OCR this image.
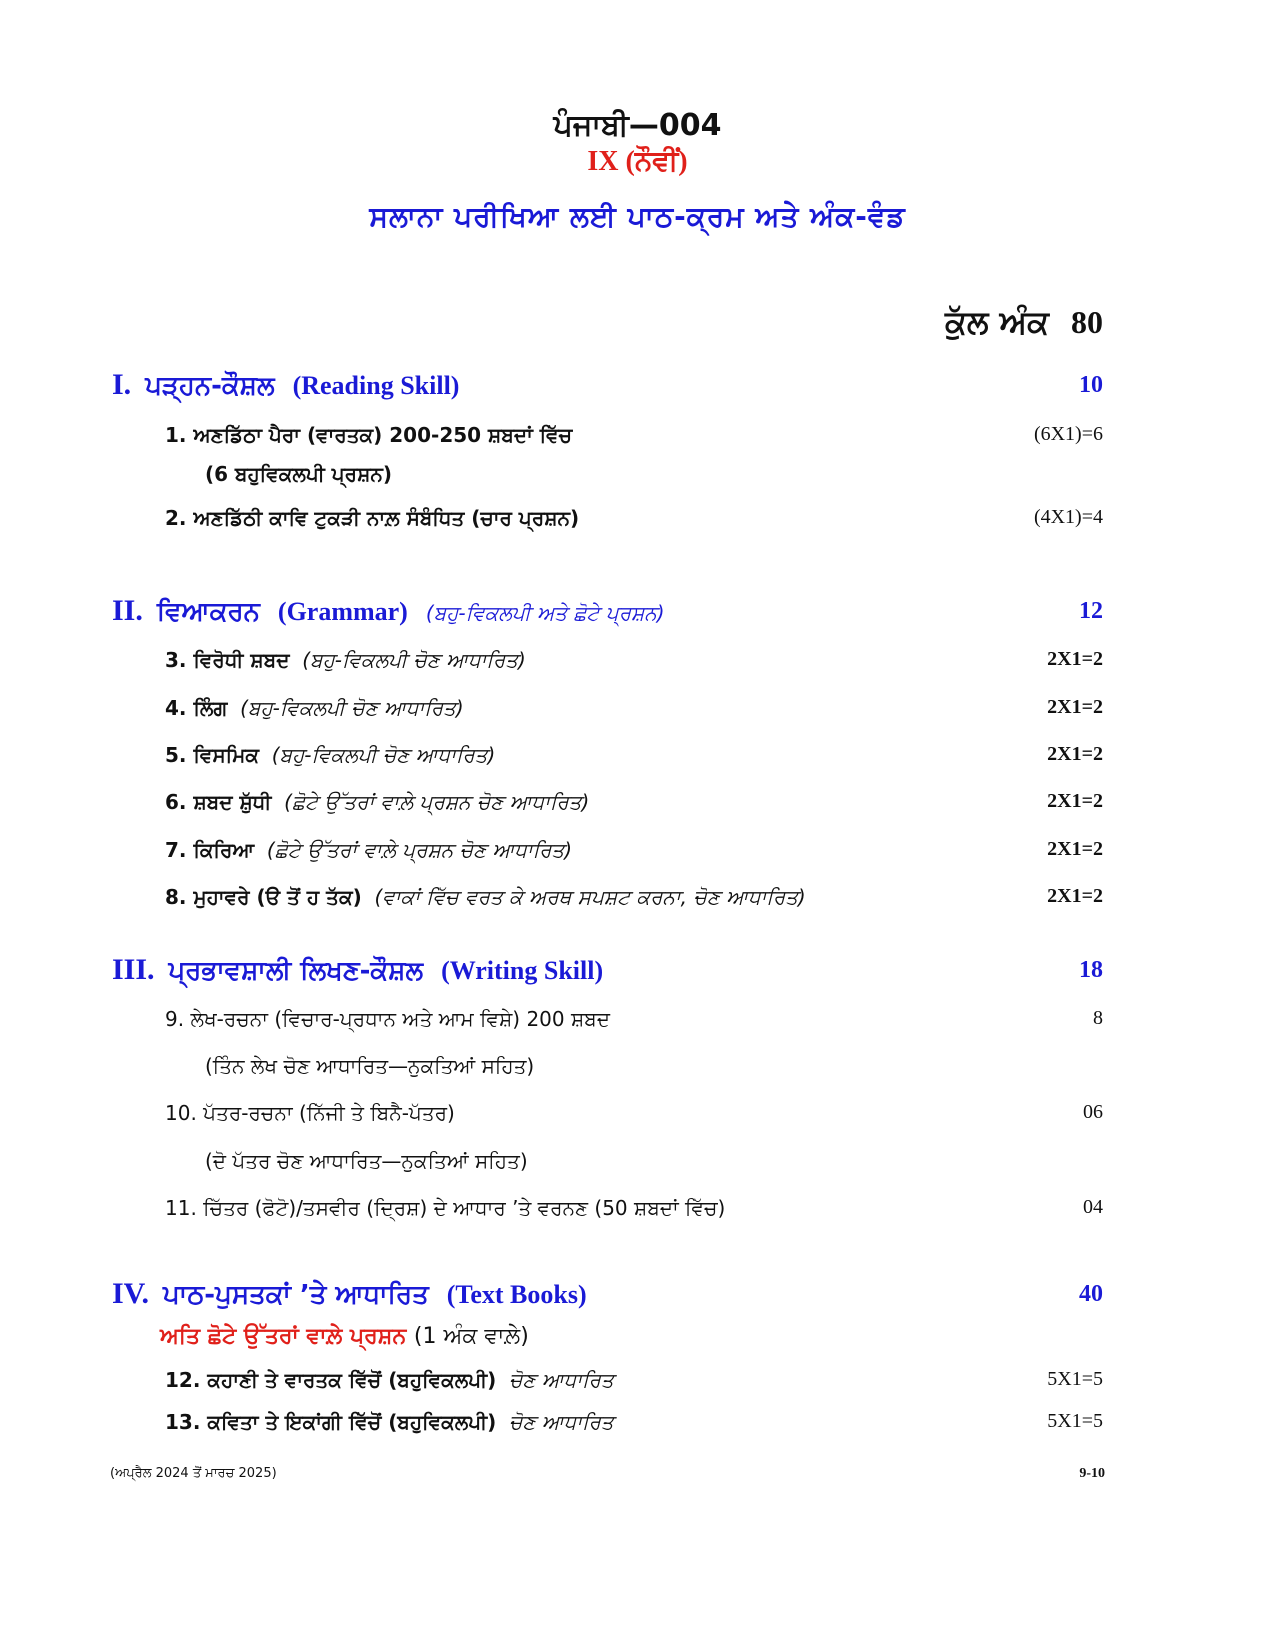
ਪੰਜਾਬੀ—004
IX (ਨੌਵੀਂ)
ਸਲਾਨਾ ਪਰੀਖਿਆ ਲਈ ਪਾਠ-ਕ੍ਰਮ ਅਤੇ ਅੰਕ-ਵੰਡ
ਕੁੱਲ ਅੰਕ 80
I. ਪੜ੍ਹਨ-ਕੌਸ਼ਲ (Reading Skill)	10
1. ਅਣਡਿੱਠਾ ਪੈਰਾ (ਵਾਰਤਕ) 200-250 ਸ਼ਬਦਾਂ ਵਿੱਚ	(6X1)=6
(6 ਬਹੁਵਿਕਲਪੀ ਪ੍ਰਸ਼ਨ)
2. ਅਣਡਿੱਠੀ ਕਾਵਿ ਟੁਕੜੀ ਨਾਲ਼ ਸੰਬੰਧਿਤ (ਚਾਰ ਪ੍ਰਸ਼ਨ)	(4X1)=4
II. ਵਿਆਕਰਨ (Grammar) (ਬਹੁ-ਵਿਕਲਪੀ ਅਤੇ ਛੋਟੇ ਪ੍ਰਸ਼ਨ)	12
3. ਵਿਰੋਧੀ ਸ਼ਬਦ (ਬਹੁ-ਵਿਕਲਪੀ ਚੋਣ ਆਧਾਰਿਤ)	2X1=2
4. ਲਿੰਗ (ਬਹੁ-ਵਿਕਲਪੀ ਚੋਣ ਆਧਾਰਿਤ)	2X1=2
5. ਵਿਸਮਿਕ (ਬਹੁ-ਵਿਕਲਪੀ ਚੋਣ ਆਧਾਰਿਤ)	2X1=2
6. ਸ਼ਬਦ ਸ਼ੁੱਧੀ (ਛੋਟੇ ਉੱਤਰਾਂ ਵਾਲ਼ੇ ਪ੍ਰਸ਼ਨ ਚੋਣ ਆਧਾਰਿਤ)	2X1=2
7. ਕਿਰਿਆ (ਛੋਟੇ ਉੱਤਰਾਂ ਵਾਲ਼ੇ ਪ੍ਰਸ਼ਨ ਚੋਣ ਆਧਾਰਿਤ)	2X1=2
8. ਮੁਹਾਵਰੇ (ੳ ਤੋਂ ਹ ਤੱਕ) (ਵਾਕਾਂ ਵਿੱਚ ਵਰਤ ਕੇ ਅਰਥ ਸਪਸ਼ਟ ਕਰਨਾ, ਚੋਣ ਆਧਾਰਿਤ)	2X1=2
III. ਪ੍ਰਭਾਵਸ਼ਾਲੀ ਲਿਖਣ-ਕੌਸ਼ਲ (Writing Skill)	18
9. ਲੇਖ-ਰਚਨਾ (ਵਿਚਾਰ-ਪ੍ਰਧਾਨ ਅਤੇ ਆਮ ਵਿਸ਼ੇ) 200 ਸ਼ਬਦ	8
(ਤਿੰਨ ਲੇਖ ਚੋਣ ਆਧਾਰਿਤ—ਨੁਕਤਿਆਂ ਸਹਿਤ)
10. ਪੱਤਰ-ਰਚਨਾ (ਨਿੱਜੀ ਤੇ ਬਿਨੈ-ਪੱਤਰ)	06
(ਦੋ ਪੱਤਰ ਚੋਣ ਆਧਾਰਿਤ—ਨੁਕਤਿਆਂ ਸਹਿਤ)
11. ਚਿੱਤਰ (ਫੋਟੋ)/ਤਸਵੀਰ (ਦ੍ਰਿਸ਼) ਦੇ ਆਧਾਰ ’ਤੇ ਵਰਨਣ (50 ਸ਼ਬਦਾਂ ਵਿੱਚ)	04
IV. ਪਾਠ-ਪੁਸਤਕਾਂ ’ਤੇ ਆਧਾਰਿਤ (Text Books)	40
ਅਤਿ ਛੋਟੇ ਉੱਤਰਾਂ ਵਾਲ਼ੇ ਪ੍ਰਸ਼ਨ (1 ਅੰਕ ਵਾਲ਼ੇ)
12. ਕਹਾਣੀ ਤੇ ਵਾਰਤਕ ਵਿੱਚੋਂ (ਬਹੁਵਿਕਲਪੀ) ਚੋਣ ਆਧਾਰਿਤ	5X1=5
13. ਕਵਿਤਾ ਤੇ ਇਕਾਂਗੀ ਵਿੱਚੋਂ (ਬਹੁਵਿਕਲਪੀ) ਚੋਣ ਆਧਾਰਿਤ	5X1=5
(ਅਪ੍ਰੈਲ 2024 ਤੋਂ ਮਾਰਚ 2025)	9-10
